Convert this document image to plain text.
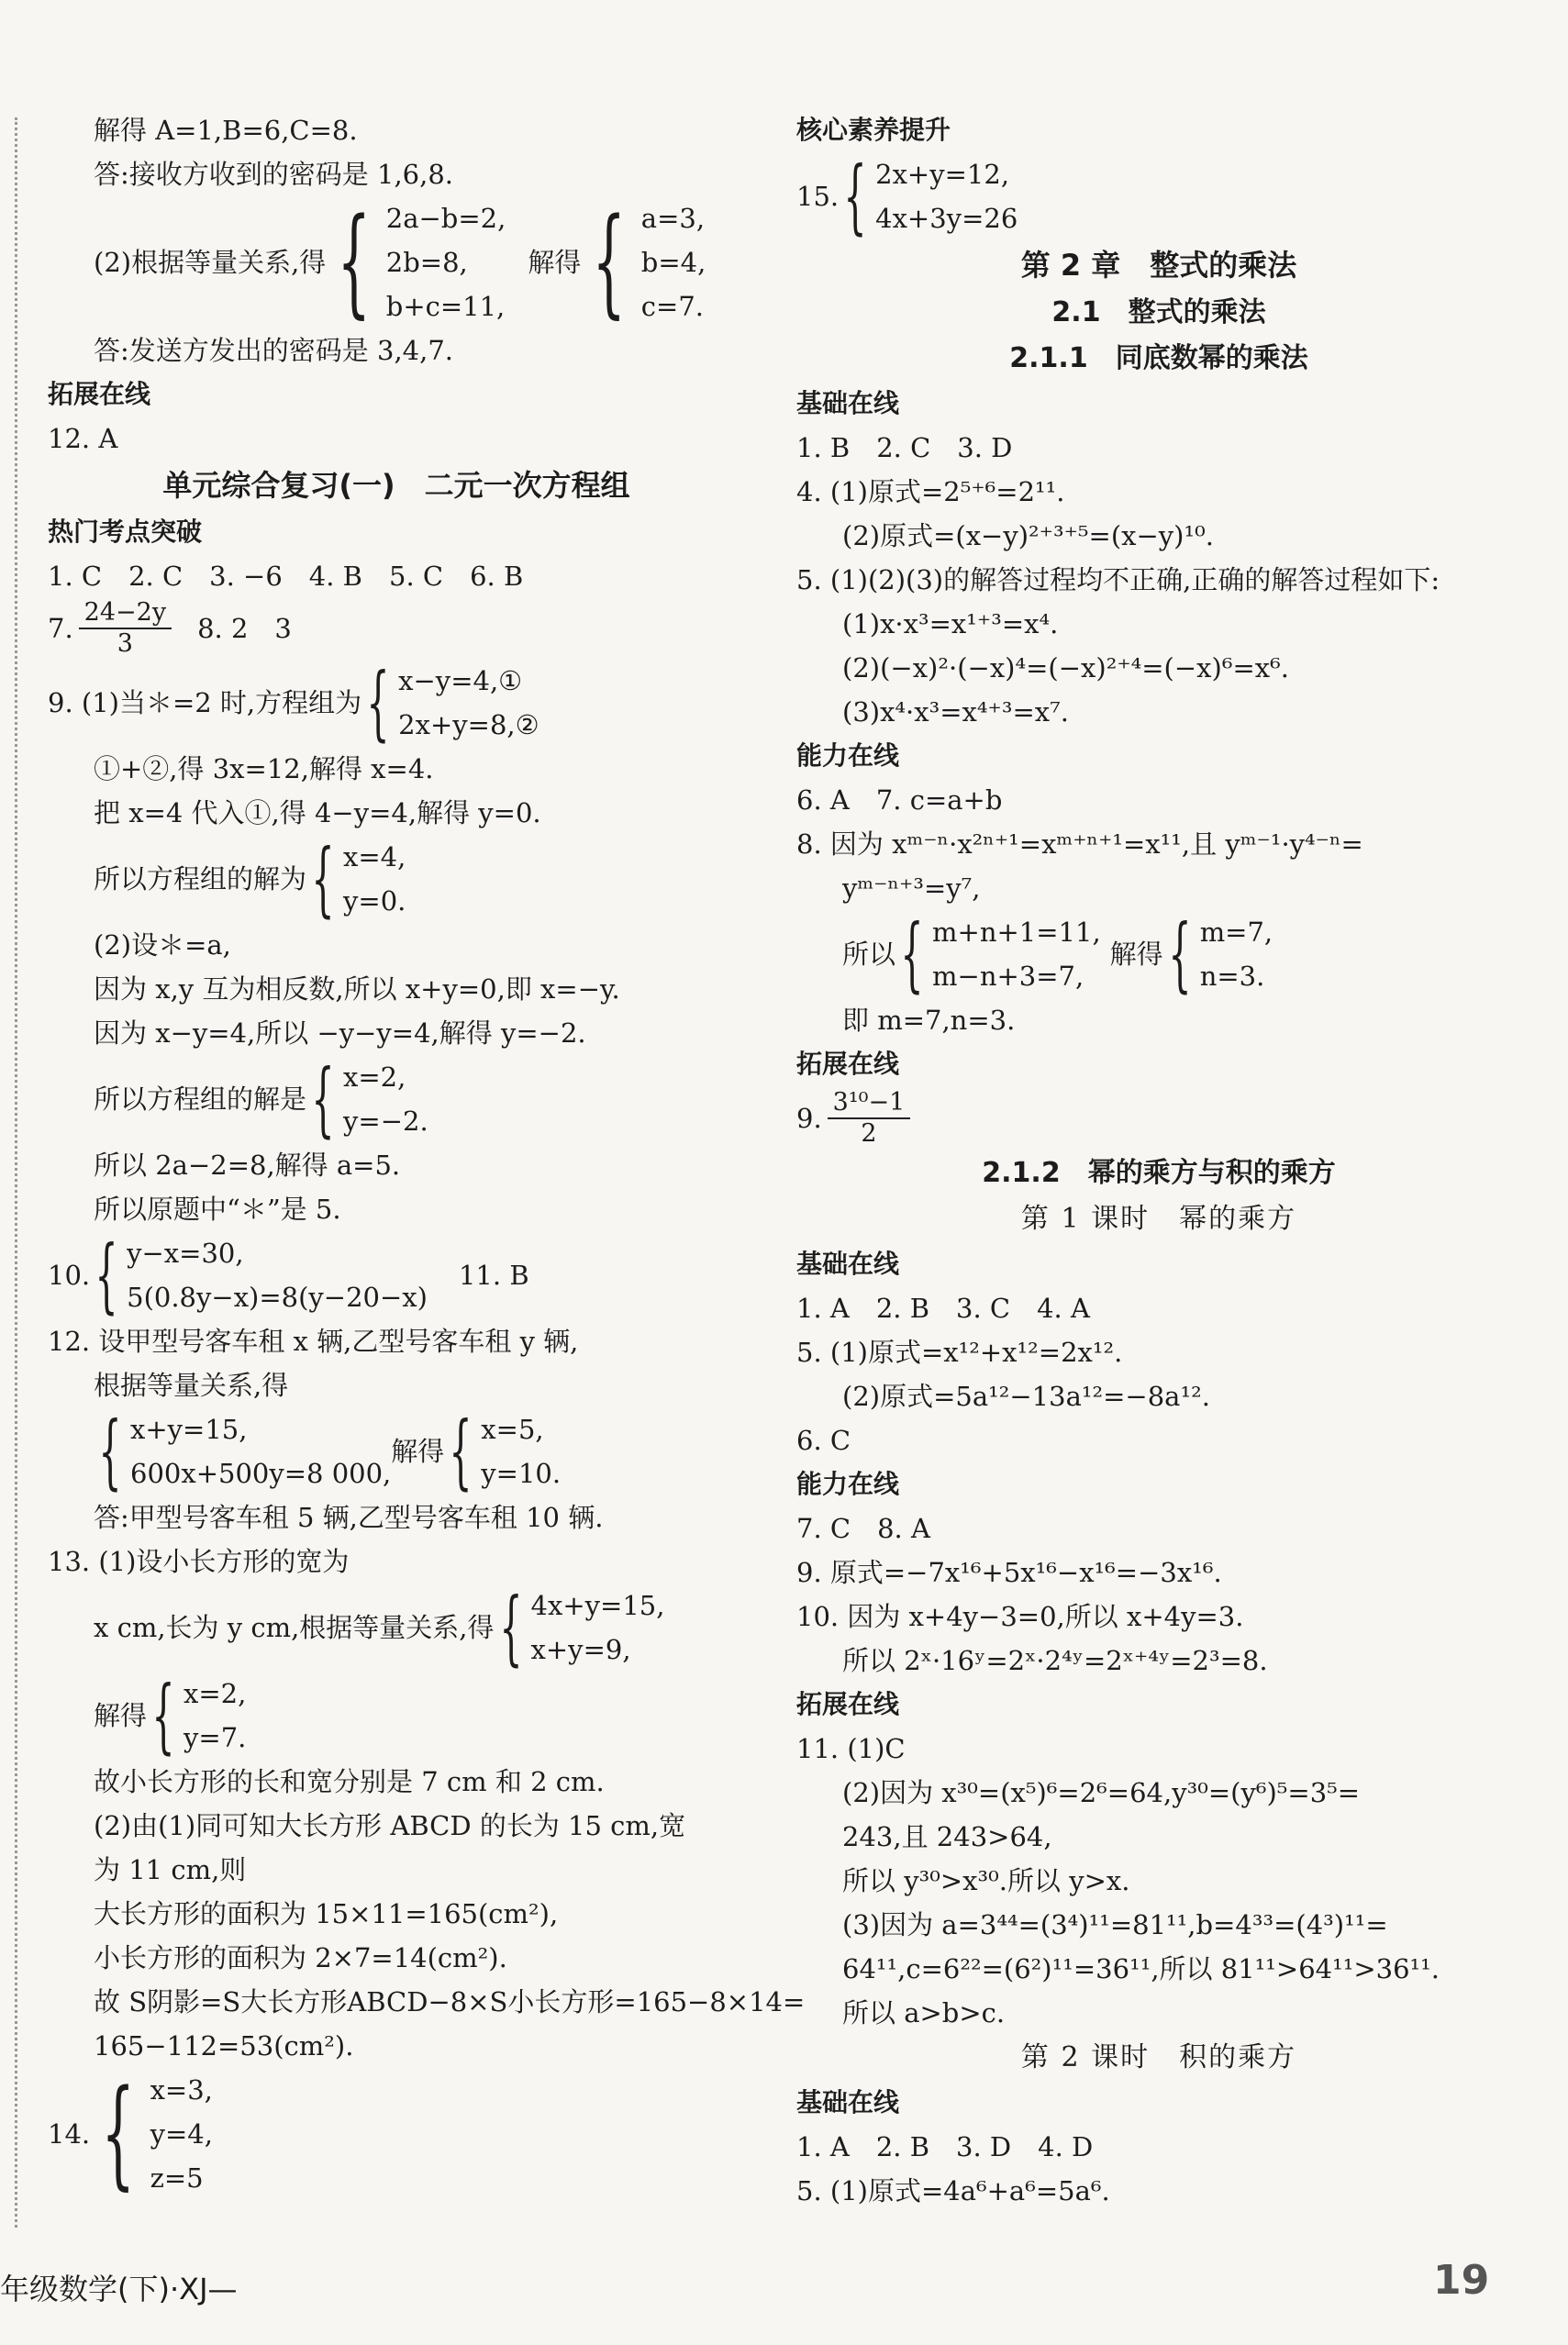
解得 A=1,B=6,C=8.
答:接收方收到的密码是 1,6,8.
(2)根据等量关系,得 { 2a−b=2,
2b=8,
b+c=11,
解得 { a=3,
b=4,
c=7.
答:发送方发出的密码是 3,4,7.
拓展在线
12. A
单元综合复习(一)　二元一次方程组
热门考点突破
1. C　2. C　3. −6　4. B　5. C　6. B
7. $\frac{24-2y}{3} 8$. 2　3
9. (1)当＊=2 时,方程组为 { x−y=4,①
2x+y=8,②
①+②,得 3x=12,解得 x=4.
把 x=4 代入①,得 4−y=4,解得 y=0.
所以方程组的解为 { x=4,
y=0.
(2)设＊=a,
因为 x,y 互为相反数,所以 x+y=0,即 x=−y.
因为 x−y=4,所以 −y−y=4,解得 y=−2.
所以方程组的解是 { x=2,
y=−2.
所以 2a−2=8,解得 a=5.
所以原题中“＊”是 5.
10. { y−x=30,
5(0.8y−x)=8(y−20−x)
11. B
12. 设甲型号客车租 x 辆,乙型号客车租 y 辆,
根据等量关系,得
{ x+y=15,
600x+500y=8 000,
解得 { x=5,
y=10.
答:甲型号客车租 5 辆,乙型号客车租 10 辆.
13. (1)设小长方形的宽为
x cm,长为 y cm,根据等量关系,得 { 4x+y=15,
x+y=9,
解得 { x=2,
y=7.
故小长方形的长和宽分别是 7 cm 和 2 cm.
(2)由(1)同可知大长方形 ABCD 的长为 15 cm,宽
为 11 cm,则
大长方形的面积为 15×11=165(cm²),
小长方形的面积为 2×7=14(cm²).
故 S阴影=S大长方形ABCD−8×S小长方形=165−8×14=
165−112=53(cm²).
14. { x=3,
y=4,
z=5
核心素养提升
15. { 2x+y=12,
4x+3y=26
第 2 章　整式的乘法
2.1　整式的乘法
2.1.1　同底数幂的乘法
基础在线
1. B　2. C　3. D
4. (1)原式=2⁵⁺⁶=2¹¹.
(2)原式=(x−y)²⁺³⁺⁵=(x−y)¹⁰.
5. (1)(2)(3)的解答过程均不正确,正确的解答过程如下:
(1)x·x³=x¹⁺³=x⁴.
(2)(−x)²·(−x)⁴=(−x)²⁺⁴=(−x)⁶=x⁶.
(3)x⁴·x³=x⁴⁺³=x⁷.
能力在线
6. A　7. c=a+b
8. 因为 xᵐ⁻ⁿ·x²ⁿ⁺¹=xᵐ⁺ⁿ⁺¹=x¹¹,且 yᵐ⁻¹·y⁴⁻ⁿ=
yᵐ⁻ⁿ⁺³=y⁷,
所以 { m+n+1=11,
m−n+3=7,
解得 { m=7,
n=3.
即 m=7,n=3.
拓展在线
9. $\frac{\text{3¹⁰−1}}{2}$
2.1.2　幂的乘方与积的乘方
第 1 课时　幂的乘方
基础在线
1. A　2. B　3. C　4. A
5. (1)原式=x¹²+x¹²=2x¹².
(2)原式=5a¹²−13a¹²=−8a¹².
6. C
能力在线
7. C　8. A
9. 原式=−7x¹⁶+5x¹⁶−x¹⁶=−3x¹⁶.
10. 因为 x+4y−3=0,所以 x+4y=3.
所以 2ˣ·16ʸ=2ˣ·2⁴ʸ=2ˣ⁺⁴ʸ=2³=8.
拓展在线
11. (1)C
(2)因为 x³⁰=(x⁵)⁶=2⁶=64,y³⁰=(y⁶)⁵=3⁵=
243,且 243>64,
所以 y³⁰>x³⁰.所以 y>x.
(3)因为 a=3⁴⁴=(3⁴)¹¹=81¹¹,b=4³³=(4³)¹¹=
64¹¹,c=6²²=(6²)¹¹=36¹¹,所以 81¹¹>64¹¹>36¹¹.
所以 a>b>c.
第 2 课时　积的乘方
基础在线
1. A　2. B　3. D　4. D
5. (1)原式=4a⁶+a⁶=5a⁶.
年级数学(下)·XJ—	19
